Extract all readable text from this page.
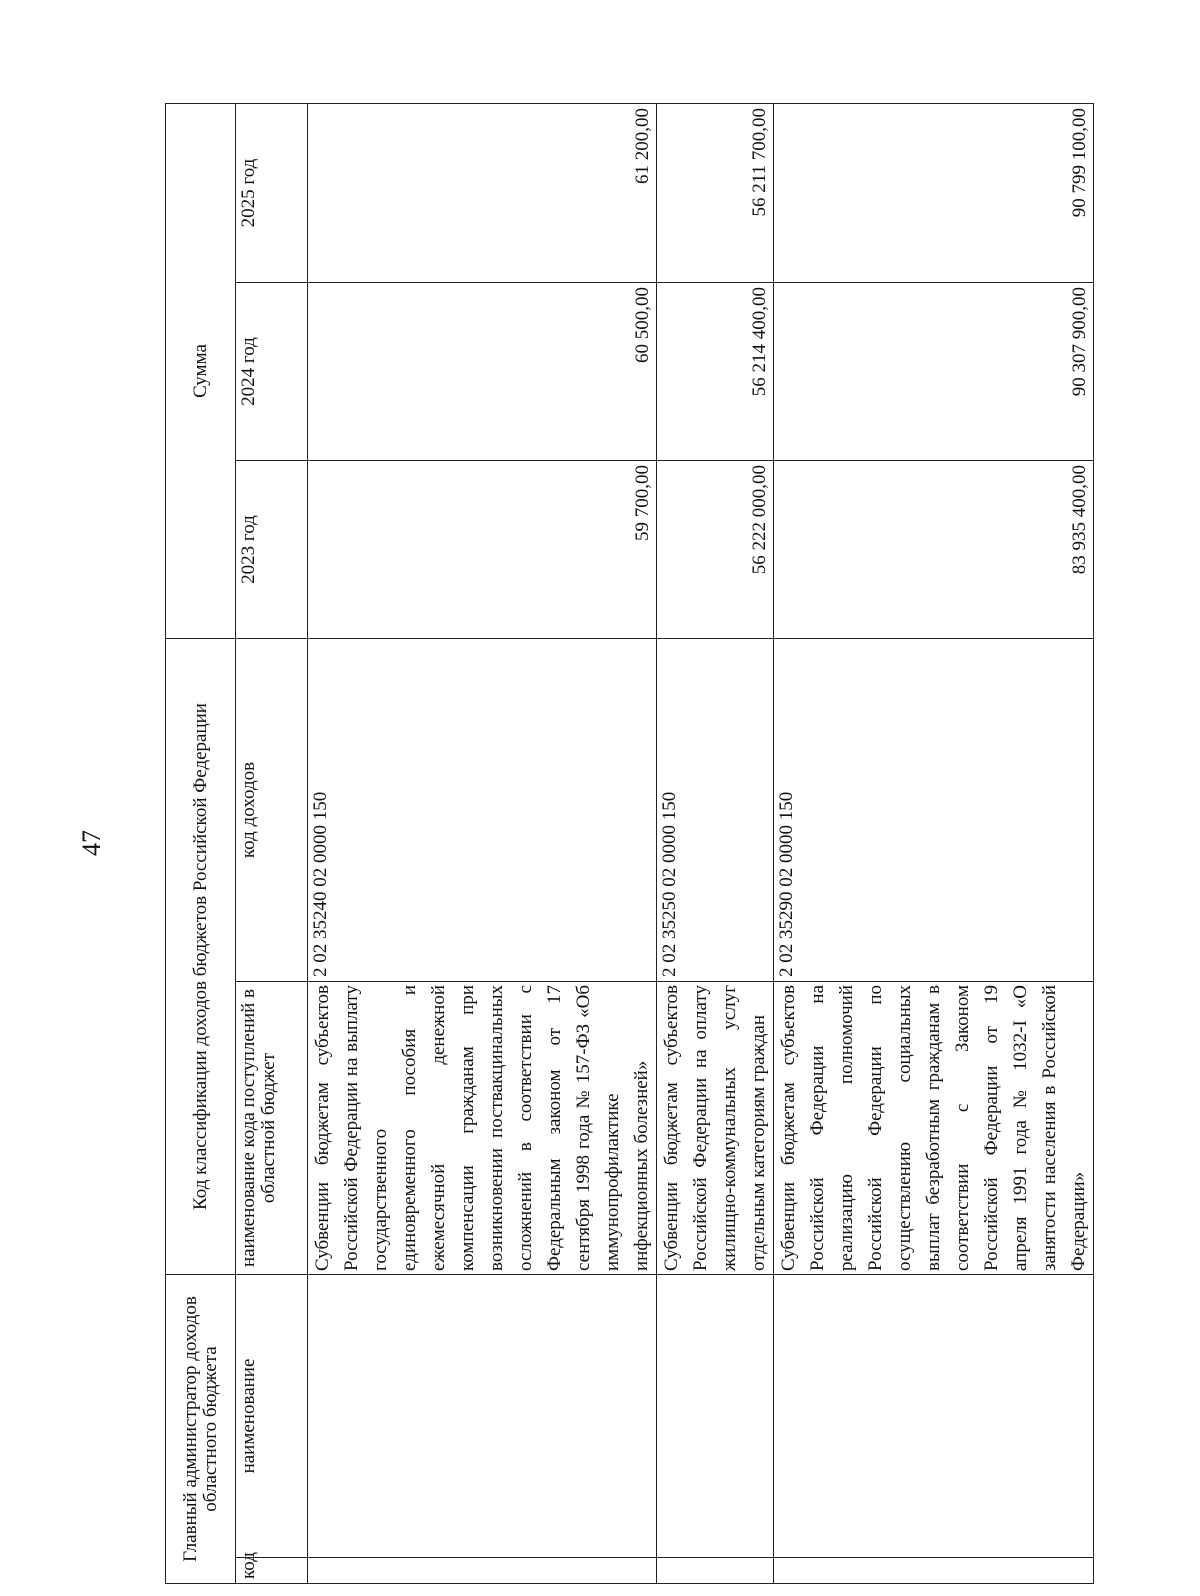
47
Главный администратор доходов областного бюджета		Код классификации доходов бюджетов Российской Федерации		Сумма		
код	наименование	наименование кода поступлений в областной бюджет	код доходов	2023 год	2024 год	2025 год
		Субвенции бюджетам субъектов Российской Федерации на выплату государственного единовременного пособия и ежемесячной денежной компенсации гражданам при возникновении поствакцинальных осложнений в соответствии с Федеральным законом от 17 сентября 1998 года № 157-ФЗ «Об иммунопрофилактике инфекционных болезней»	2 02 35240 02 0000 150	59 700,00	60 500,00	61 200,00
		Субвенции бюджетам субъектов Российской Федерации на оплату жилищно-коммунальных услуг отдельным категориям граждан	2 02 35250 02 0000 150	56 222 000,00	56 214 400,00	56 211 700,00
		Субвенции бюджетам субъектов Российской Федерации на реализацию полномочий Российской Федерации по осуществлению социальных выплат безработным гражданам в соответствии с Законом Российской Федерации от 19 апреля 1991 года № 1032-I «О занятости населения в Российской Федерации»	2 02 35290 02 0000 150	83 935 400,00	90 307 900,00	90 799 100,00
